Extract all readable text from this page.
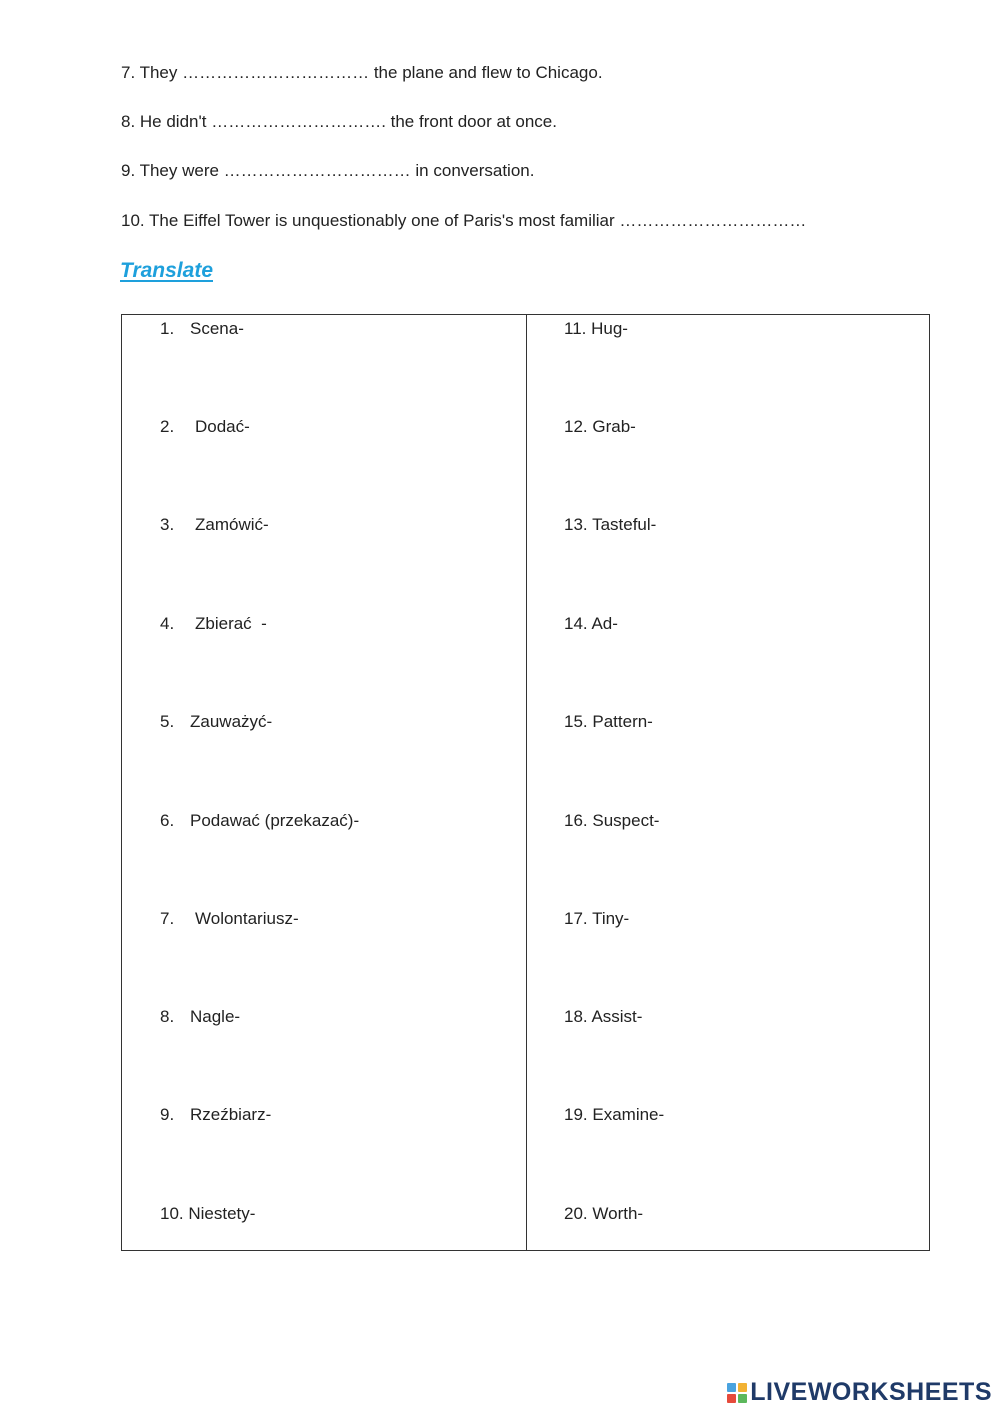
7. They …………………………… the plane and flew to Chicago.
8. He didn't …………………………. the front door at once.
9. They were …………………………… in conversation.
10. The Eiffel Tower is unquestionably one of Paris's most familiar ……………………………
Translate
1. Scena-
2. Dodać-
3. Zamówić-
4. Zbierać  -
5. Zauważyć-
6. Podawać (przekazać)-
7. Wolontariusz-
8. Nagle-
9. Rzeźbiarz-
10. Niestety-
11. Hug-
12. Grab-
13. Tasteful-
14. Ad-
15. Pattern-
16. Suspect-
17. Tiny-
18. Assist-
19. Examine-
20. Worth-
LIVEWORKSHEETS
